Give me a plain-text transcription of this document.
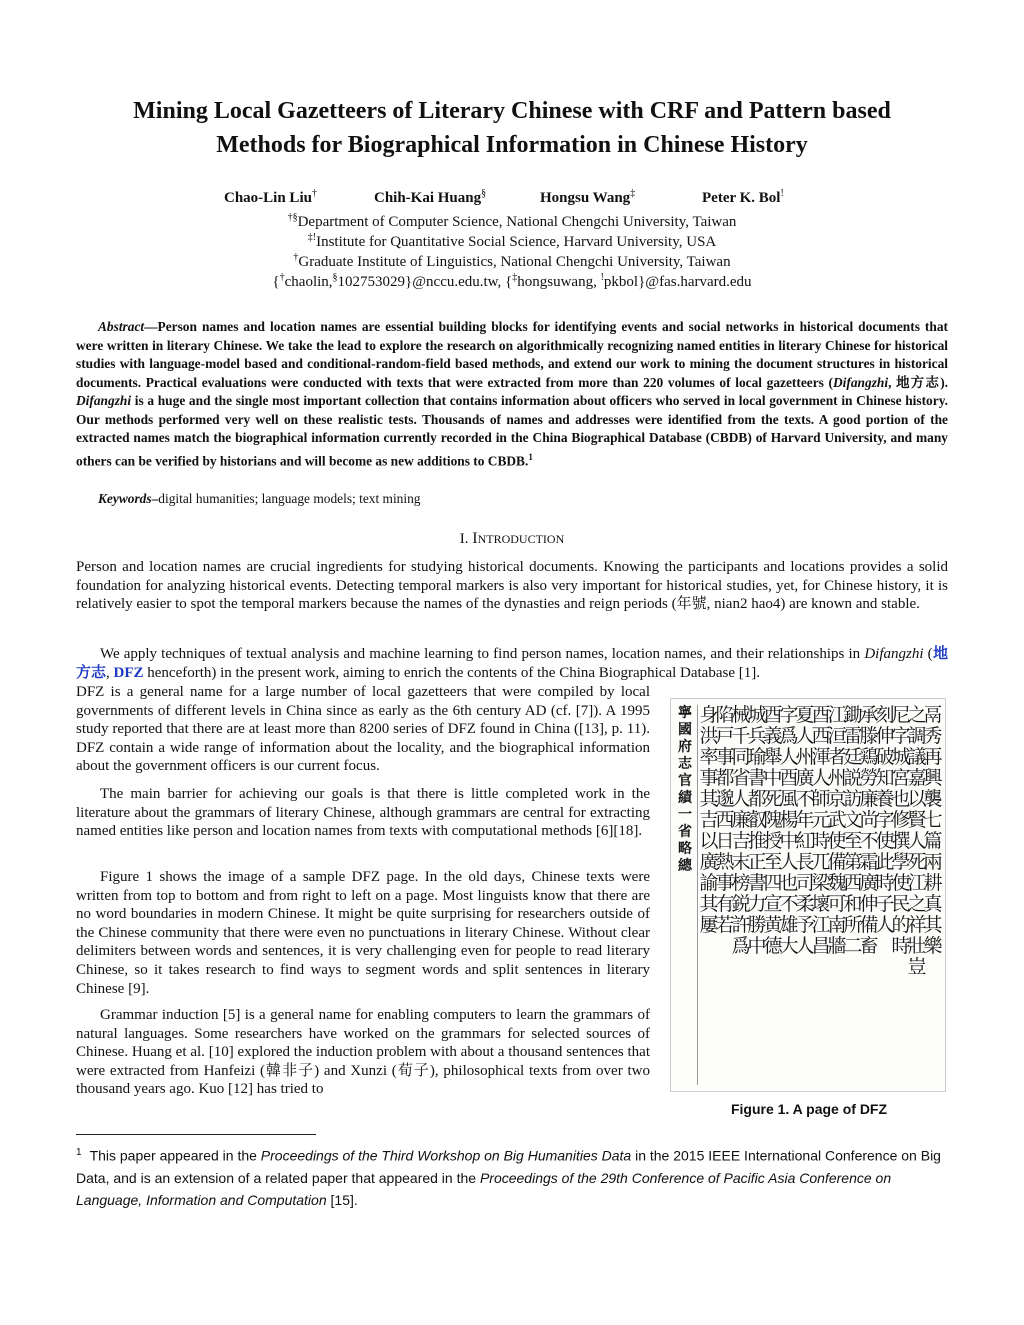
Mining Local Gazetteers of Literary Chinese with CRF and Pattern based
Methods for Biographical Information in Chinese History
Chao-Lin Liu†	Chih-Kai Huang§	Hongsu Wang‡	Peter K. Bol!
†§Department of Computer Science, National Chengchi University, Taiwan
‡!Institute for Quantitative Social Science, Harvard University, USA
†Graduate Institute of Linguistics, National Chengchi University, Taiwan
{†chaolin,§102753029}@nccu.edu.tw, {‡hongsuwang, !pkbol}@fas.harvard.edu
Abstract—Person names and location names are essential building blocks for identifying events and social networks in historical documents that were written in literary Chinese. We take the lead to explore the research on algorithmically recognizing named entities in literary Chinese for historical studies with language-model based and conditional-random-field based methods, and extend our work to mining the document structures in historical documents. Practical evaluations were conducted with texts that were extracted from more than 220 volumes of local gazetteers (Difangzhi, 地方志). Difangzhi is a huge and the single most important collection that contains information about officers who served in local government in Chinese history. Our methods performed very well on these realistic tests. Thousands of names and addresses were identified from the texts. A good portion of the extracted names match the biographical information currently recorded in the China Biographical Database (CBDB) of Harvard University, and many others can be verified by historians and will become as new additions to CBDB.$^1$
Keywords–digital humanities; language models; text mining
I. INTRODUCTION
Person and location names are crucial ingredients for studying historical documents. Knowing the participants and locations provides a solid foundation for analyzing historical events. Detecting temporal markers is also very important for historical studies, yet, for Chinese history, it is relatively easier to spot the temporal markers because the names of the dynasties and reign periods (年號, nian2 hao4) are known and stable.
We apply techniques of textual analysis and machine learning to find person names, location names, and their relationships in Difangzhi (地方志, DFZ henceforth) in the present work, aiming to enrich the contents of the China Biographical Database [1].
DFZ is a general name for a large number of local gazetteers that were compiled by local governments of different levels in China since as early as the 6th century AD (cf. [7]). A 1995 study reported that there are at least more than 8200 series of DFZ found in China ([13], p. 11). DFZ contain a wide range of information about the locality, and the biographical information about the government officers is our current focus.
The main barrier for achieving our goals is that there is little completed work in the literature about the grammars of literary Chinese, although grammars are central for extracting named entities like person and location names from texts with computational methods [6][18].
Figure 1 shows the image of a sample DFZ page. In the old days, Chinese texts were written from top to bottom and from right to left on a page. Most linguists know that there are no word boundaries in modern Chinese. It might be quite surprising for researchers outside of the Chinese community that there were even no punctuations in literary Chinese. Without clear delimiters between words and sentences, it is very challenging even for people to read literary Chinese, so it takes research to find ways to segment words and split sentences in literary Chinese [9].
Grammar induction [5] is a general name for enabling computers to learn the grammars of natural languages. Some researchers have worked on the grammars for selected sources of Chinese. Huang et al. [10] explored the induction problem with about a thousand sentences that were extracted from Hanfeizi (韓非子) and Xunzi (荀子), philosophical texts from over two thousand years ago. Kuo [12] has tried to
寧國府志官績一省略總
鬲秀再興襲七篇兩耕真其樂
之調議嘉以賢人死江之祥壯豈
尼字城宮也修撰學使民的時
刻伸破知養字使此時子人
承滕鶏勞廉尚不霜廣伸備畜
鋤雷廷説訪文至第西和所二
江洹者州京武使備魏可南牆
酉西渾人師元時兀梁壞江昌
夏人州廣不年紅長司柔予人
字爲人酉風楊中人也不雄大
酉義舉中死隗授至四宣黄德
城兵瑜書都叡推正書力勝中
械千同省人廉吉末榜鋭許爲
陷戸事都邈西日熱事有若
身洪率事其吉以廣諭其屢
Figure 1. A page of DFZ
$^1$ This paper appeared in the Proceedings of the Third Workshop on Big Humanities Data in the 2015 IEEE International Conference on Big Data, and is an extension of a related paper that appeared in the Proceedings of the 29th Conference of Pacific Asia Conference on Language, Information and Computation [15].
